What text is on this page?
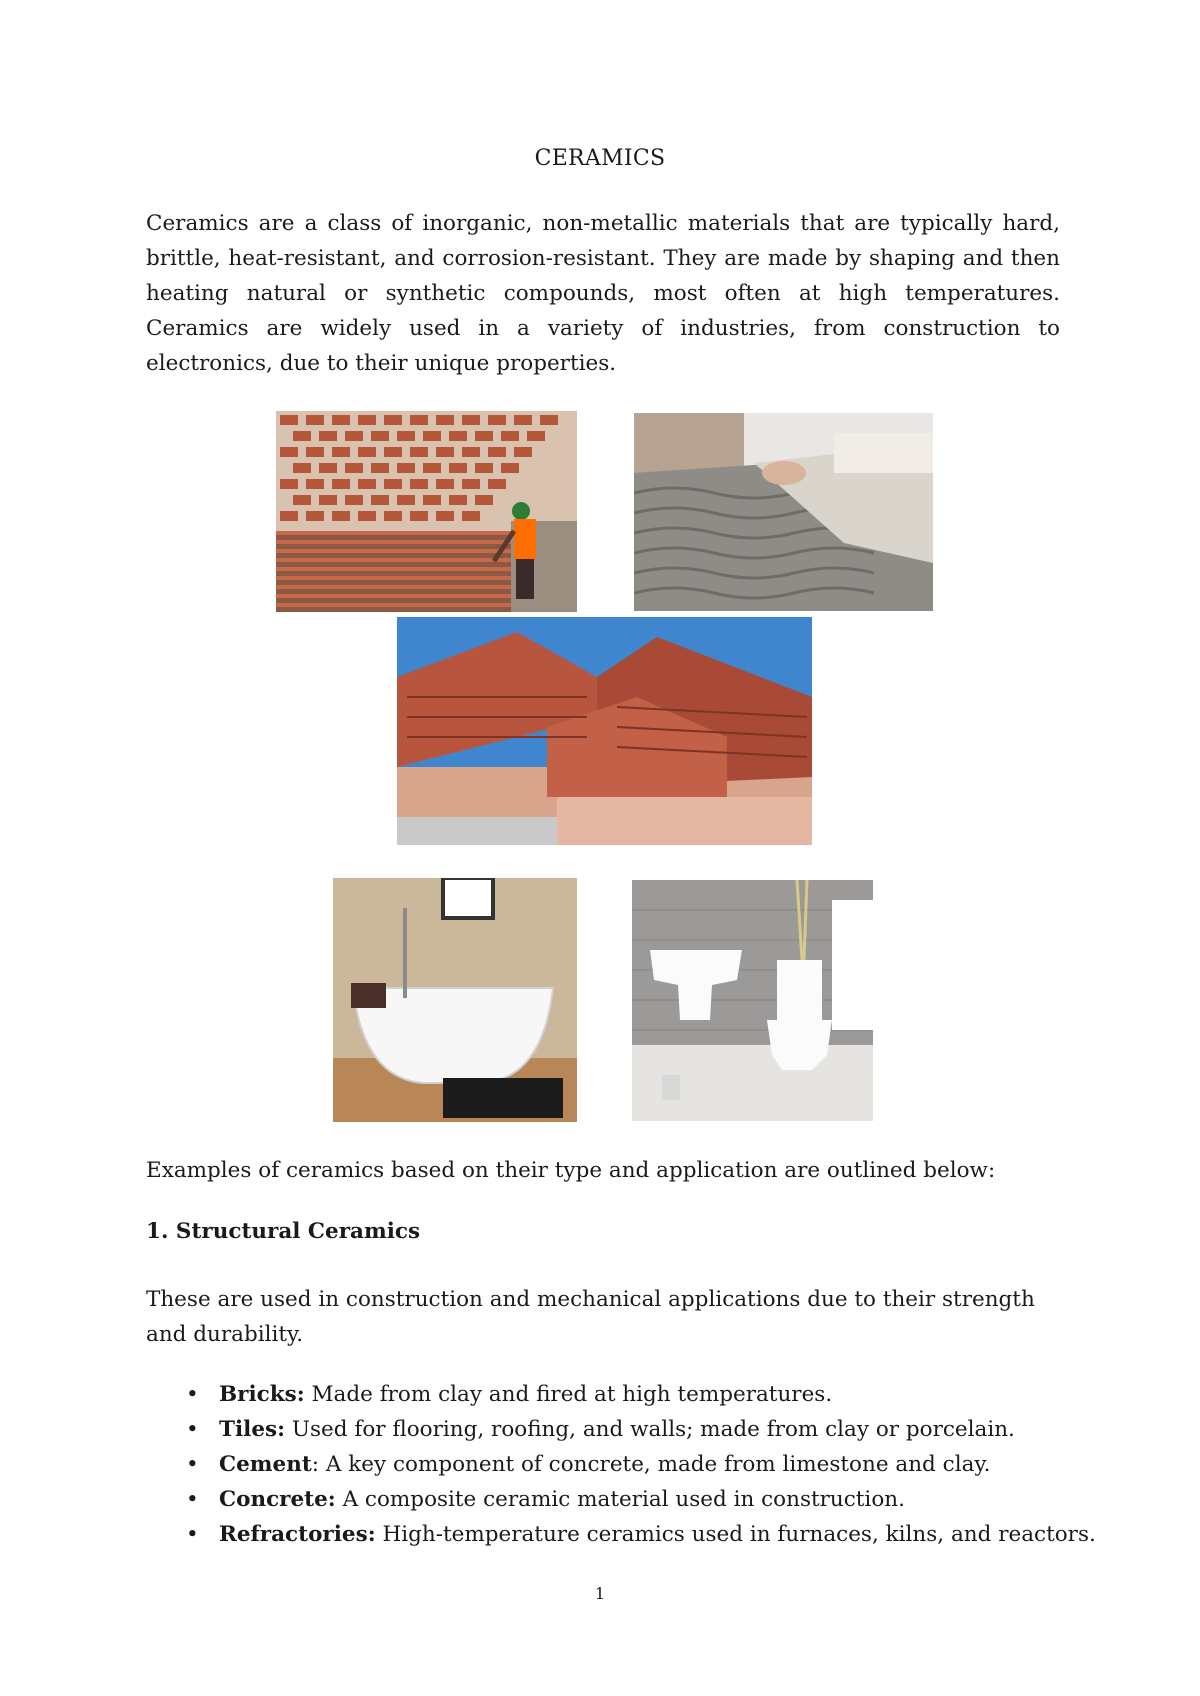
CERAMICS

Ceramics are a class of inorganic, non-metallic materials that are typically hard, brittle, heat-resistant, and corrosion-resistant. They are made by shaping and then heating natural or synthetic compounds, most often at high temperatures. Ceramics are widely used in a variety of industries, from construction to electronics, due to their unique properties.

Examples of ceramics based on their type and application are outlined below:

1. Structural Ceramics

These are used in construction and mechanical applications due to their strength and durability.

• Bricks: Made from clay and fired at high temperatures.
• Tiles: Used for flooring, roofing, and walls; made from clay or porcelain.
• Cement: A key component of concrete, made from limestone and clay.
• Concrete: A composite ceramic material used in construction.
• Refractories: High-temperature ceramics used in furnaces, kilns, and reactors.
1
